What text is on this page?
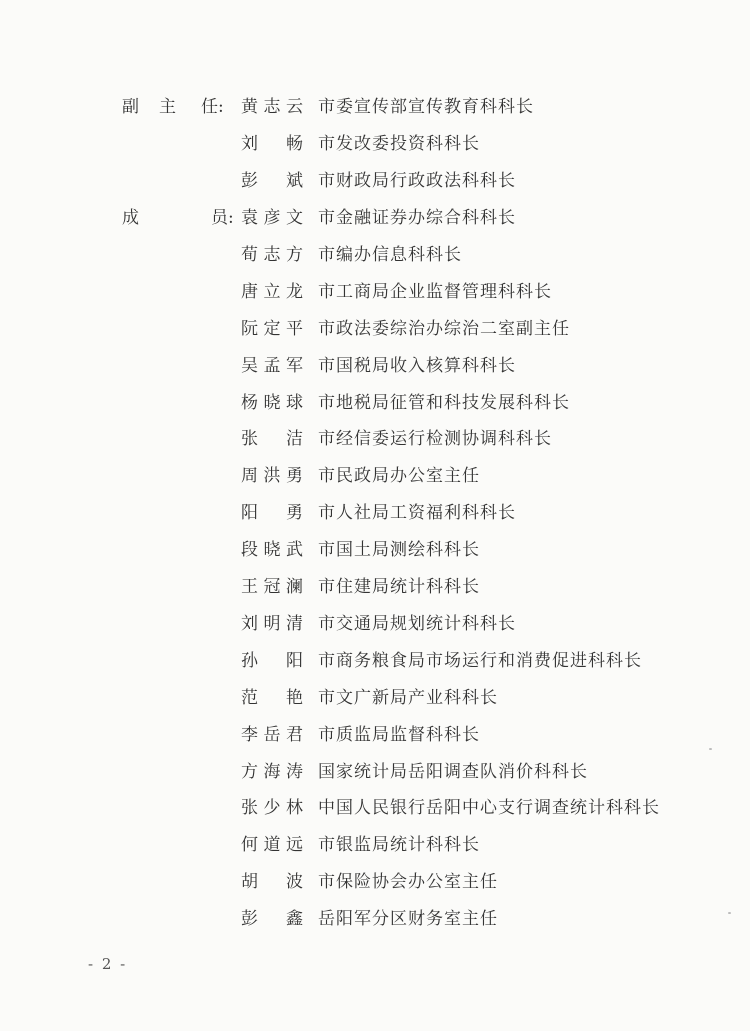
副 主 任: 黄 志 云 市委宣传部宣传教育科科长
刘 畅 市发改委投资科科长
彭 斌 市财政局行政政法科科长
成	员: 袁 彦 文 市金融证券办综合科科长
荀 志 方 市编办信息科科长
唐 立 龙 市工商局企业监督管理科科长
阮 定 平 市政法委综治办综治二室副主任
吴 孟 军 市国税局收入核算科科长
杨 晓 球 市地税局征管和科技发展科科长
张 洁 市经信委运行检测协调科科长
周 洪 勇 市民政局办公室主任
阳 勇 市人社局工资福利科科长
段 晓 武 市国土局测绘科科长
王 冠 澜 市住建局统计科科长
刘 明 清 市交通局规划统计科科长
孙 阳 市商务粮食局市场运行和消费促进科科长
范 艳 市文广新局产业科科长
李 岳 君 市质监局监督科科长
方 海 涛 国家统计局岳阳调查队消价科科长
张 少 林 中国人民银行岳阳中心支行调查统计科科长
何 道 远 市银监局统计科科长
胡 波 市保险协会办公室主任
彭 鑫 岳阳军分区财务室主任
- 2 -
